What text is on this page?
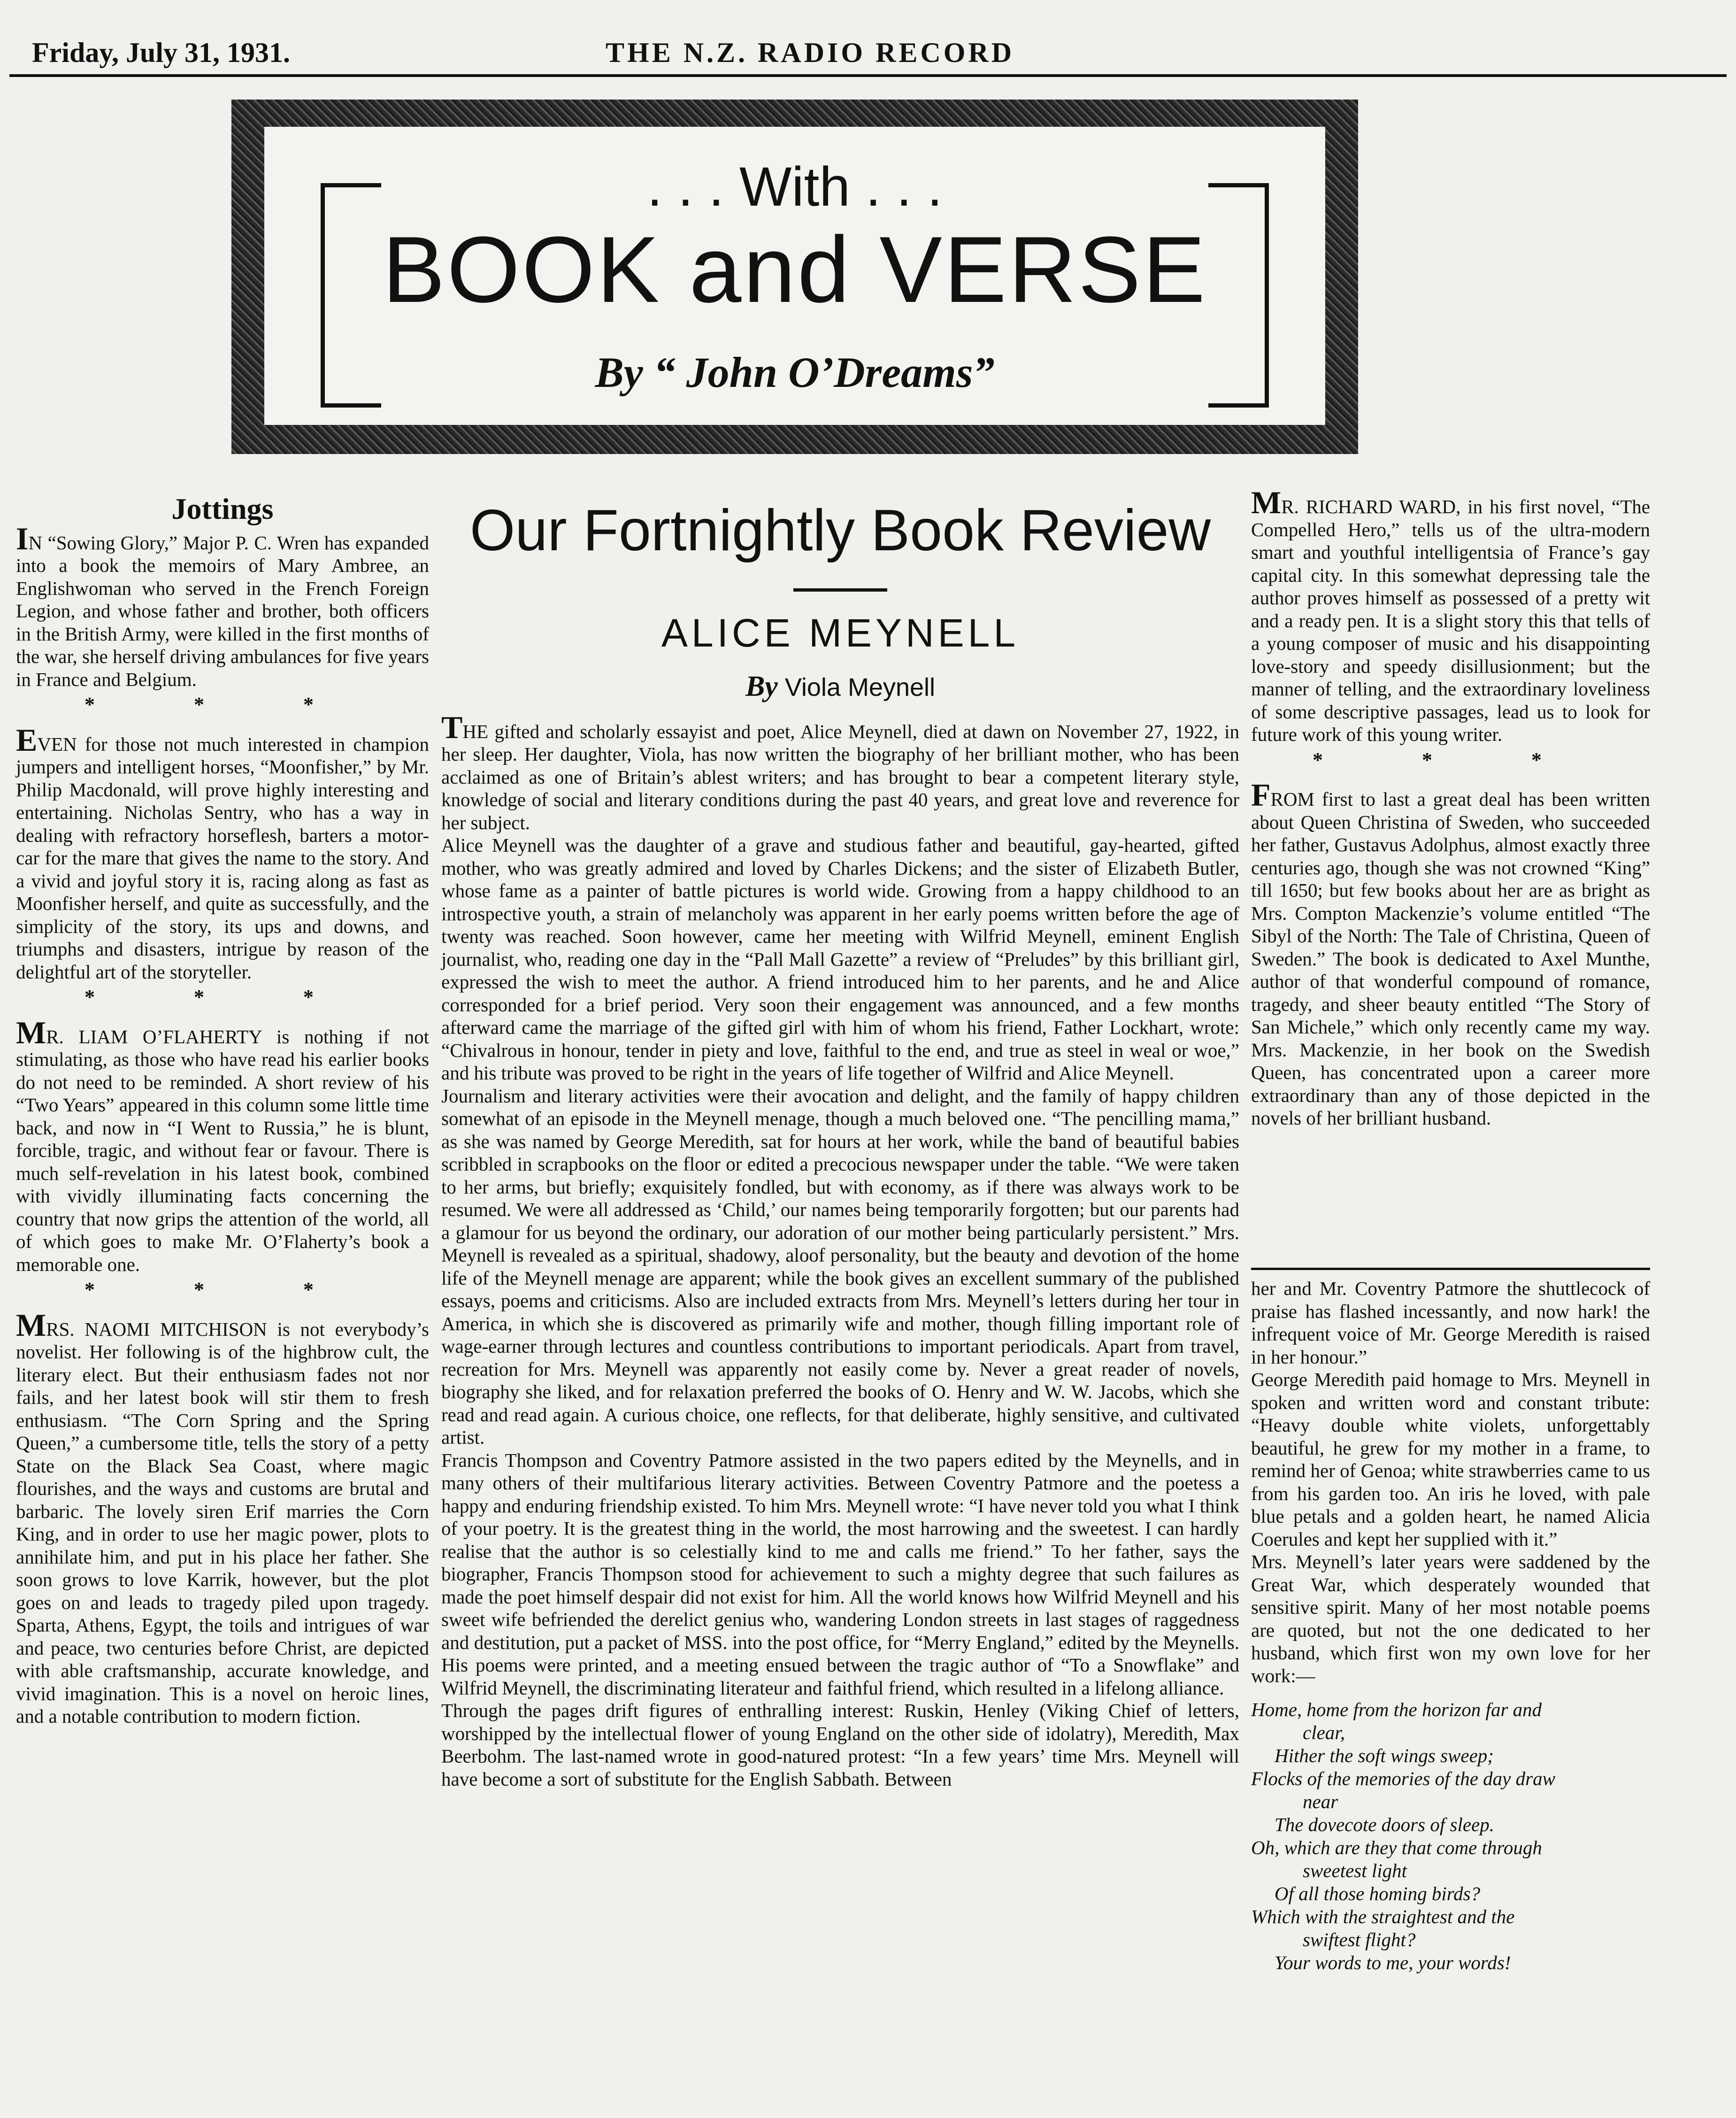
Friday, July 31, 1931.	THE N.Z. RADIO RECORD
. . . With . . .
BOOK and VERSE
By “ John O’Dreams”
Jottings

IN “Sowing Glory,” Major P. C. Wren has expanded into a book the memoirs of Mary Ambree, an Englishwoman who served in the French Foreign Legion, and whose father and brother, both officers in the British Army, were killed in the first months of the war, she herself driving ambulances for five years in France and Belgium.

* * *

EVEN for those not much interested in champion jumpers and intelligent horses, “Moonfisher,” by Mr. Philip Macdonald, will prove highly interesting and entertaining. Nicholas Sentry, who has a way in dealing with refractory horseflesh, barters a motor-car for the mare that gives the name to the story. And a vivid and joyful story it is, racing along as fast as Moonfisher herself, and quite as successfully, and the simplicity of the story, its ups and downs, and triumphs and disasters, intrigue by reason of the delightful art of the storyteller.

* * *

MR. LIAM O’FLAHERTY is nothing if not stimulating, as those who have read his earlier books do not need to be reminded. A short review of his “Two Years” appeared in this column some little time back, and now in “I Went to Russia,” he is blunt, forcible, tragic, and without fear or favour. There is much self-revelation in his latest book, combined with vividly illuminating facts concerning the country that now grips the attention of the world, all of which goes to make Mr. O’Flaherty’s book a memorable one.

* * *

MRS. NAOMI MITCHISON is not everybody’s novelist. Her following is of the highbrow cult, the literary elect. But their enthusiasm fades not nor fails, and her latest book will stir them to fresh enthusiasm. “The Corn Spring and the Spring Queen,” a cumbersome title, tells the story of a petty State on the Black Sea Coast, where magic flourishes, and the ways and customs are brutal and barbaric. The lovely siren Erif marries the Corn King, and in order to use her magic power, plots to annihilate him, and put in his place her father. She soon grows to love Karrik, however, but the plot goes on and leads to tragedy piled upon tragedy. Sparta, Athens, Egypt, the toils and intrigues of war and peace, two centuries before Christ, are depicted with able craftsmanship, accurate knowledge, and vivid imagination. This is a novel on heroic lines, and a notable contribution to modern fiction.

Our Fortnightly Book Review
ALICE MEYNELL
By Viola Meynell

THE gifted and scholarly essayist and poet, Alice Meynell, died at dawn on November 27, 1922, in her sleep. Her daughter, Viola, has now written the biography of her brilliant mother, who has been acclaimed as one of Britain’s ablest writers; and has brought to bear a competent literary style, knowledge of social and literary conditions during the past 40 years, and great love and reverence for her subject.

Alice Meynell was the daughter of a grave and studious father and beautiful, gay-hearted, gifted mother, who was greatly admired and loved by Charles Dickens; and the sister of Elizabeth Butler, whose fame as a painter of battle pictures is world wide. Growing from a happy childhood to an introspective youth, a strain of melancholy was apparent in her early poems written before the age of twenty was reached. Soon however, came her meeting with Wilfrid Meynell, eminent English journalist, who, reading one day in the “Pall Mall Gazette” a review of “Preludes” by this brilliant girl, expressed the wish to meet the author. A friend introduced him to her parents, and he and Alice corresponded for a brief period. Very soon their engagement was announced, and a few months afterward came the marriage of the gifted girl with him of whom his friend, Father Lockhart, wrote: “Chivalrous in honour, tender in piety and love, faithful to the end, and true as steel in weal or woe,” and his tribute was proved to be right in the years of life together of Wilfrid and Alice Meynell.

Journalism and literary activities were their avocation and delight, and the family of happy children somewhat of an episode in the Meynell menage, though a much beloved one. “The pencilling mama,” as she was named by George Meredith, sat for hours at her work, while the band of beautiful babies scribbled in scrapbooks on the floor or edited a precocious newspaper under the table. “We were taken to her arms, but briefly; exquisitely fondled, but with economy, as if there was always work to be resumed. We were all addressed as ‘Child,’ our names being temporarily forgotten; but our parents had a glamour for us beyond the ordinary, our adoration of our mother being particularly persistent.” Mrs. Meynell is revealed as a spiritual, shadowy, aloof personality, but the beauty and devotion of the home life of the Meynell menage are apparent; while the book gives an excellent summary of the published essays, poems and criticisms. Also are included extracts from Mrs. Meynell’s letters during her tour in America, in which she is discovered as primarily wife and mother, though filling important role of wage-earner through lectures and countless contributions to important periodicals. Apart from travel, recreation for Mrs. Meynell was apparently not easily come by. Never a great reader of novels, biography she liked, and for relaxation preferred the books of O. Henry and W. W. Jacobs, which she read and read again. A curious choice, one reflects, for that deliberate, highly sensitive, and cultivated artist.

Francis Thompson and Coventry Patmore assisted in the two papers edited by the Meynells, and in many others of their multifarious literary activities. Between Coventry Patmore and the poetess a happy and enduring friendship existed. To him Mrs. Meynell wrote: “I have never told you what I think of your poetry. It is the greatest thing in the world, the most harrowing and the sweetest. I can hardly realise that the author is so celestially kind to me and calls me friend.” To her father, says the biographer, Francis Thompson stood for achievement to such a mighty degree that such failures as made the poet himself despair did not exist for him. All the world knows how Wilfrid Meynell and his sweet wife befriended the derelict genius who, wandering London streets in last stages of raggedness and destitution, put a packet of MSS. into the post office, for “Merry England,” edited by the Meynells. His poems were printed, and a meeting ensued between the tragic author of “To a Snowflake” and Wilfrid Meynell, the discriminating literateur and faithful friend, which resulted in a lifelong alliance.

Through the pages drift figures of enthralling interest: Ruskin, Henley (Viking Chief of letters, worshipped by the intellectual flower of young England on the other side of idolatry), Meredith, Max Beerbohm. The last-named wrote in good-natured protest: “In a few years’ time Mrs. Meynell will have become a sort of substitute for the English Sabbath. Between

MR. RICHARD WARD, in his first novel, “The Compelled Hero,” tells us of the ultra-modern smart and youthful intelligentsia of France’s gay capital city. In this somewhat depressing tale the author proves himself as possessed of a pretty wit and a ready pen. It is a slight story this that tells of a young composer of music and his disappointing love-story and speedy disillusionment; but the manner of telling, and the extraordinary loveliness of some descriptive passages, lead us to look for future work of this young writer.

* * *

FROM first to last a great deal has been written about Queen Christina of Sweden, who succeeded her father, Gustavus Adolphus, almost exactly three centuries ago, though she was not crowned “King” till 1650; but few books about her are as bright as Mrs. Compton Mackenzie’s volume entitled “The Sibyl of the North: The Tale of Christina, Queen of Sweden.” The book is dedicated to Axel Munthe, author of that wonderful compound of romance, tragedy, and sheer beauty entitled “The Story of San Michele,” which only recently came my way. Mrs. Mackenzie, in her book on the Swedish Queen, has concentrated upon a career more extraordinary than any of those depicted in the novels of her brilliant husband.

her and Mr. Coventry Patmore the shuttlecock of praise has flashed incessantly, and now hark! the infrequent voice of Mr. George Meredith is raised in her honour.”

George Meredith paid homage to Mrs. Meynell in spoken and written word and constant tribute: “Heavy double white violets, unforgettably beautiful, he grew for my mother in a frame, to remind her of Genoa; white strawberries came to us from his garden too. An iris he loved, with pale blue petals and a golden heart, he named Alicia Coerules and kept her supplied with it.”

Mrs. Meynell’s later years were saddened by the Great War, which desperately wounded that sensitive spirit. Many of her most notable poems are quoted, but not the one dedicated to her husband, which first won my own love for her work:—

Home, home from the horizon far and
clear,
Hither the soft wings sweep;
Flocks of the memories of the day draw
near
The dovecote doors of sleep.
Oh, which are they that come through
sweetest light
Of all those homing birds?
Which with the straightest and the
swiftest flight?
Your words to me, your words!
